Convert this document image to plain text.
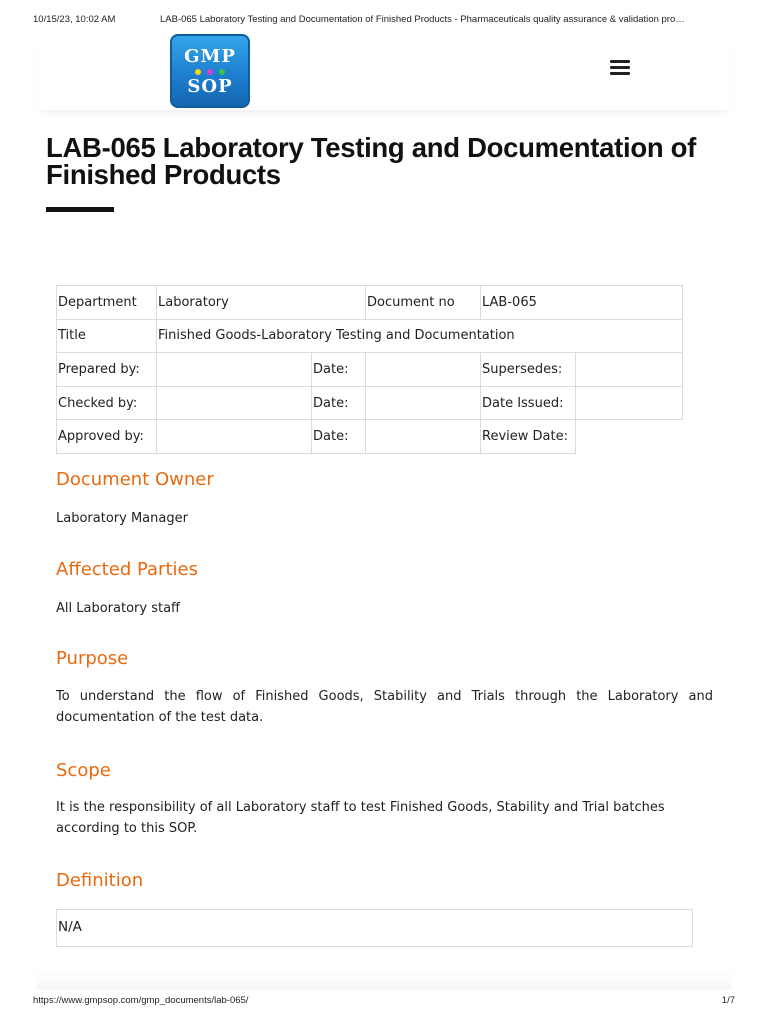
10/15/23, 10:02 AM	LAB-065 Laboratory Testing and Documentation of Finished Products - Pharmaceuticals quality assurance & validation pro…
GMP

SOP
LAB-065 Laboratory Testing and Documentation of Finished Products
Department	Laboratory		Document no	LAB-065	
Title	Finished Goods-Laboratory Testing and Documentation				
Prepared by:		Date:		Supersedes:	
Checked by:		Date:		Date Issued:	
Approved by:		Date:		Review Date:	
Document Owner

Laboratory Manager

Affected Parties

All Laboratory staff

Purpose

To understand the flow of Finished Goods, Stability and Trials through the Laboratory and documentation of the test data.

Scope

It is the responsibility of all Laboratory staff to test Finished Goods, Stability and Trial batches according to this SOP.

Definition
N/A
https://www.gmpsop.com/gmp_documents/lab-065/	1/7
